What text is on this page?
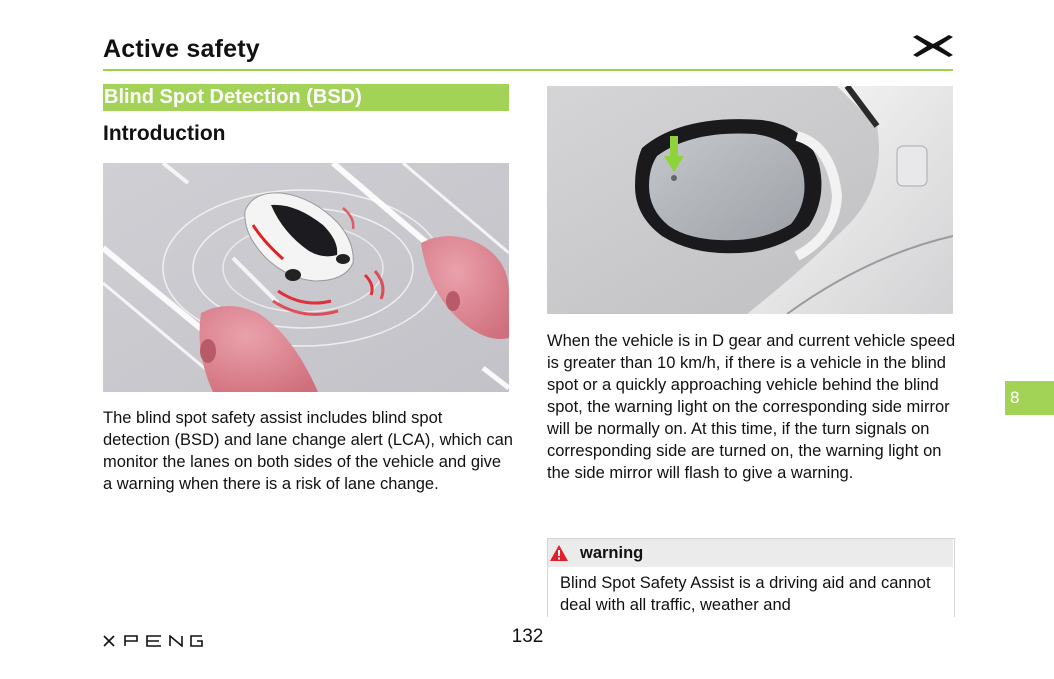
Active safety
Blind Spot Detection (BSD)
Introduction
The blind spot safety assist includes blind spot detection (BSD) and lane change alert (LCA), which can monitor the lanes on both sides of the vehicle and give a warning when there is a risk of lane change.
When the vehicle is in D gear and current vehicle speed is greater than 10 km/h, if there is a vehicle in the blind spot or a quickly approaching vehicle behind the blind spot, the warning light on the corresponding side mirror will be normally on. At this time, if the turn signals on corresponding side are turned on, the warning light on the side mirror will flash to give a warning.
warning
Blind Spot Safety Assist is a driving aid and cannot deal with all traffic, weather and
132
8
